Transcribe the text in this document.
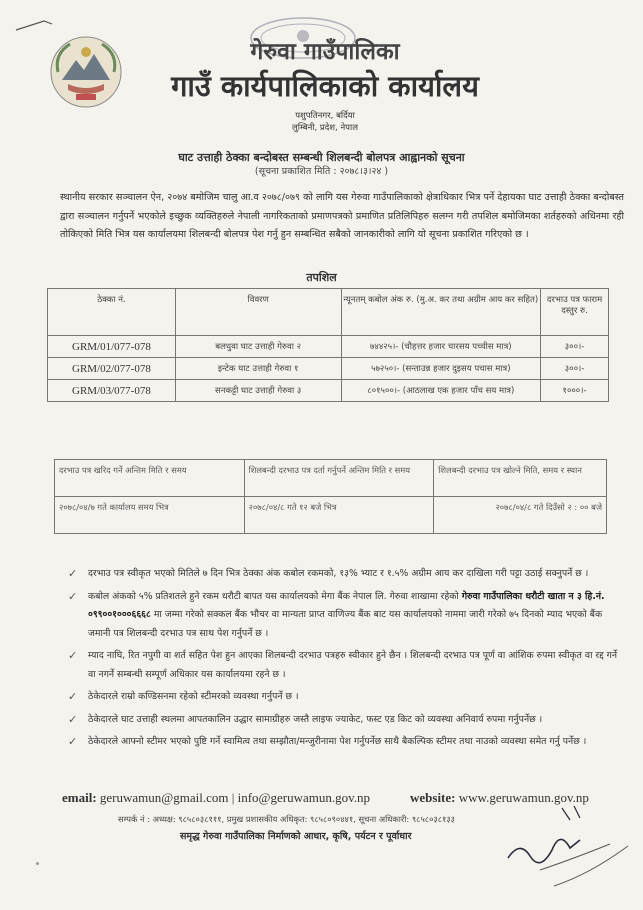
गेरुवा गाउँपालिका
गाउँ कार्यपालिकाको कार्यालय
पशुपतिनगर, बर्दिया
लुम्बिनी, प्रदेश, नेपाल
घाट उत्ताही ठेक्का बन्दोबस्त सम्बन्धी शिलबन्दी बोलपत्र आह्वानको सूचना
(सूचना प्रकाशित मिति : २०७८।३।२४ )
स्थानीय सरकार सञ्चालन ऐन, २०७४ बमोजिम चालु आ.व २०७८/०७९ को लागि यस गेरुवा गाउँपालिकाको क्षेत्राधिकार भित्र पर्ने देहायका घाट उत्ताही ठेक्का बन्दोबस्त द्वारा सञ्चालन गर्नुपर्ने भएकोले इच्छुक व्यक्तिहरुले नेपाली नागरिकताको प्रमाणपत्रको प्रमाणित प्रतिलिपिहरु सलग्न गरी तपशिल बमोजिमका शर्तहरुको अधिनमा रही तोकिएको मिति भित्र यस कार्यालयमा शिलबन्दी बोलपत्र पेश गर्नु हुन सम्बन्धित सबैको जानकारीको लागि यो सूचना प्रकाशित गरिएको छ ।
तपशिल
ठेक्का नं.	विवरण	न्यूनतम् कबोल अंक रु. (मु.अ. कर तथा अग्रीम आय कर सहित)	दरभाउ पत्र फाराम दस्तुर रु.
GRM/01/077-078	बलधुवा घाट उत्ताही गेरुवा २	७४४२५।- (चौहत्तर हजार चारसय पच्चीस मात्र)	३००।-
GRM/02/077-078	इन्टेक घाट उत्ताही गेरुवा १	५७२५०।- (सन्ताउन्न हजार दुइसय पचास मात्र)	३००।-
GRM/03/077-078	सनकट्टी घाट उत्ताही गेरुवा ३	८०१५००।- (आठलाख एक हजार पाँच सय मात्र)	१०००।-
दरभाउ पत्र खरिद गर्ने अन्तिम मिति र समय	शिलबन्दी दरभाउ पत्र दर्ता गर्नुपर्ने अन्तिम मिति र समय	शिलबन्दी दरभाउ पत्र खोल्ने मिति, समय र स्थान
२०७८/०४/७ गते कार्यालय समय भित्र	२०७८/०४/८ गते १२ बजे भित्र	२०७८/०४/८ गते दिउँसो २ : ०० बजे
✓ दरभाउ पत्र स्वीकृत भएको मितिले ७ दिन भित्र ठेक्का अंक कबोल रकमको, १३% भ्याट र १.५% अग्रीम आय कर दाखिला गरी पट्टा उठाई सक्नुपर्ने छ ।
✓ कबोल अंकको ५% प्रतिशतले हुने रकम धरौटी बापत यस कार्यालयको मेगा बैंक नेपाल लि. गेरुवा शाखामा रहेको गेरुवा गाउँपालिका धरौटी खाता न ३ हि.नं. ०९९००१०००६६६८ मा जम्मा गरेको सक्कल बैंक भौचर वा मान्यता प्राप्त वाणिज्य बैंक बाट यस कार्यालयको नाममा जारी गरेको ७५ दिनको म्याद भएको बैंक जमानी पत्र शिलबन्दी दरभाउ पत्र साथ पेश गर्नुपर्ने छ ।
✓ म्याद नाघि, रित नपुगी वा शर्त सहित पेश हुन आएका शिलबन्दी दरभाउ पत्रहरु स्वीकार हुने छैन । शिलबन्दी दरभाउ पत्र पूर्ण वा आंशिक रुपमा स्वीकृत वा रद्द गर्ने वा नगर्ने सम्बन्धी सम्पूर्ण अधिकार यस कार्यालयमा रहने छ ।
✓ ठेकेदारले राम्रो कण्डिसनमा रहेको स्टीमरको व्यवस्था गर्नुपर्ने छ ।
✓ ठेकेदारले घाट उत्ताही स्थलमा आपतकालिन उद्धार सामाग्रीहरु जस्तै लाइफ ज्याकेट, फस्ट एड किट को व्यवस्था अनिवार्य रुपमा गर्नुपर्नेछ ।
✓ ठेकेदारले आफ्नो स्टीमर भएको पुष्टि गर्ने स्वामित्व तथा सम्झौता/मन्जुरीनामा पेश गर्नुपर्नेछ साथै बैकल्पिक स्टीमर तथा नाउको व्यवस्था समेत गर्नु पर्नेछ ।
email: geruwamun@gmail.com | info@geruwamun.gov.np	website: www.geruwamun.gov.np
सम्पर्क नं : अध्यक्ष: ९८५८०३८१११, प्रमुख प्रशासकीय अधिकृत: ९८५८०९०४४१, सूचना अधिकारी: ९८५८०३८१३३
समृद्ध गेरुवा गाउँपालिका निर्माणको आधार, कृषि, पर्यटन र पूर्वाधार
